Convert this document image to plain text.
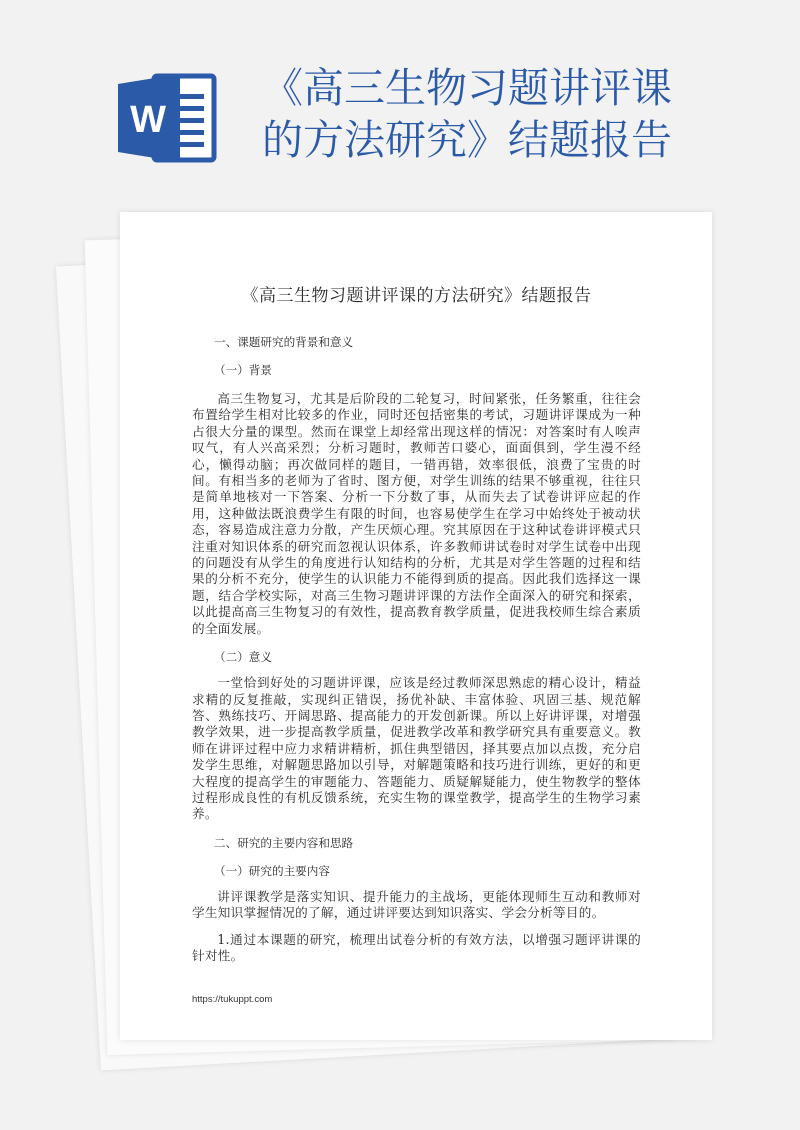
W
《高三生物习题讲评课
的方法研究》结题报告
《高三生物习题讲评课的方法研究》结题报告
一、课题研究的背景和意义
（一）背景

高三生物复习，尤其是后阶段的二轮复习，时间紧张，任务繁重，往往会布置给学生相对比较多的作业，同时还包括密集的考试，习题讲评课成为一种占很大分量的课型。然而在课堂上却经常出现这样的情况：对答案时有人唉声叹气，有人兴高采烈；分析习题时，教师苦口婆心，面面俱到，学生漫不经心，懒得动脑；再次做同样的题目，一错再错，效率很低，浪费了宝贵的时间。有相当多的老师为了省时、图方便，对学生训练的结果不够重视，往往只是简单地核对一下答案、分析一下分数了事，从而失去了试卷讲评应起的作用，这种做法既浪费学生有限的时间，也容易使学生在学习中始终处于被动状态，容易造成注意力分散，产生厌烦心理。究其原因在于这种试卷讲评模式只注重对知识体系的研究而忽视认识体系，许多教师讲试卷时对学生试卷中出现的问题没有从学生的角度进行认知结构的分析，尤其是对学生答题的过程和结果的分析不充分，使学生的认识能力不能得到质的提高。因此我们选择这一课题，结合学校实际，对高三生物习题讲评课的方法作全面深入的研究和探索，以此提高高三生物复习的有效性，提高教育教学质量，促进我校师生综合素质的全面发展。

（二）意义

一堂恰到好处的习题讲评课，应该是经过教师深思熟虑的精心设计，精益求精的反复推敲，实现纠正错误，扬优补缺、丰富体验、巩固三基、规范解答、熟练技巧、开阔思路、提高能力的开发创新课。所以上好讲评课，对增强教学效果，进一步提高教学质量，促进教学改革和教学研究具有重要意义。教师在讲评过程中应力求精讲精析，抓住典型错因，择其要点加以点拨，充分启发学生思维，对解题思路加以引导，对解题策略和技巧进行训练，更好的和更大程度的提高学生的审题能力、答题能力、质疑解疑能力，使生物教学的整体过程形成良性的有机反馈系统，充实生物的课堂教学，提高学生的生物学习素养。

二、研究的主要内容和思路
（一）研究的主要内容

讲评课教学是落实知识、提升能力的主战场，更能体现师生互动和教师对学生知识掌握情况的了解，通过讲评要达到知识落实、学会分析等目的。

1.通过本课题的研究，梳理出试卷分析的有效方法，以增强习题评讲课的针对性。

https://tukuppt.com
